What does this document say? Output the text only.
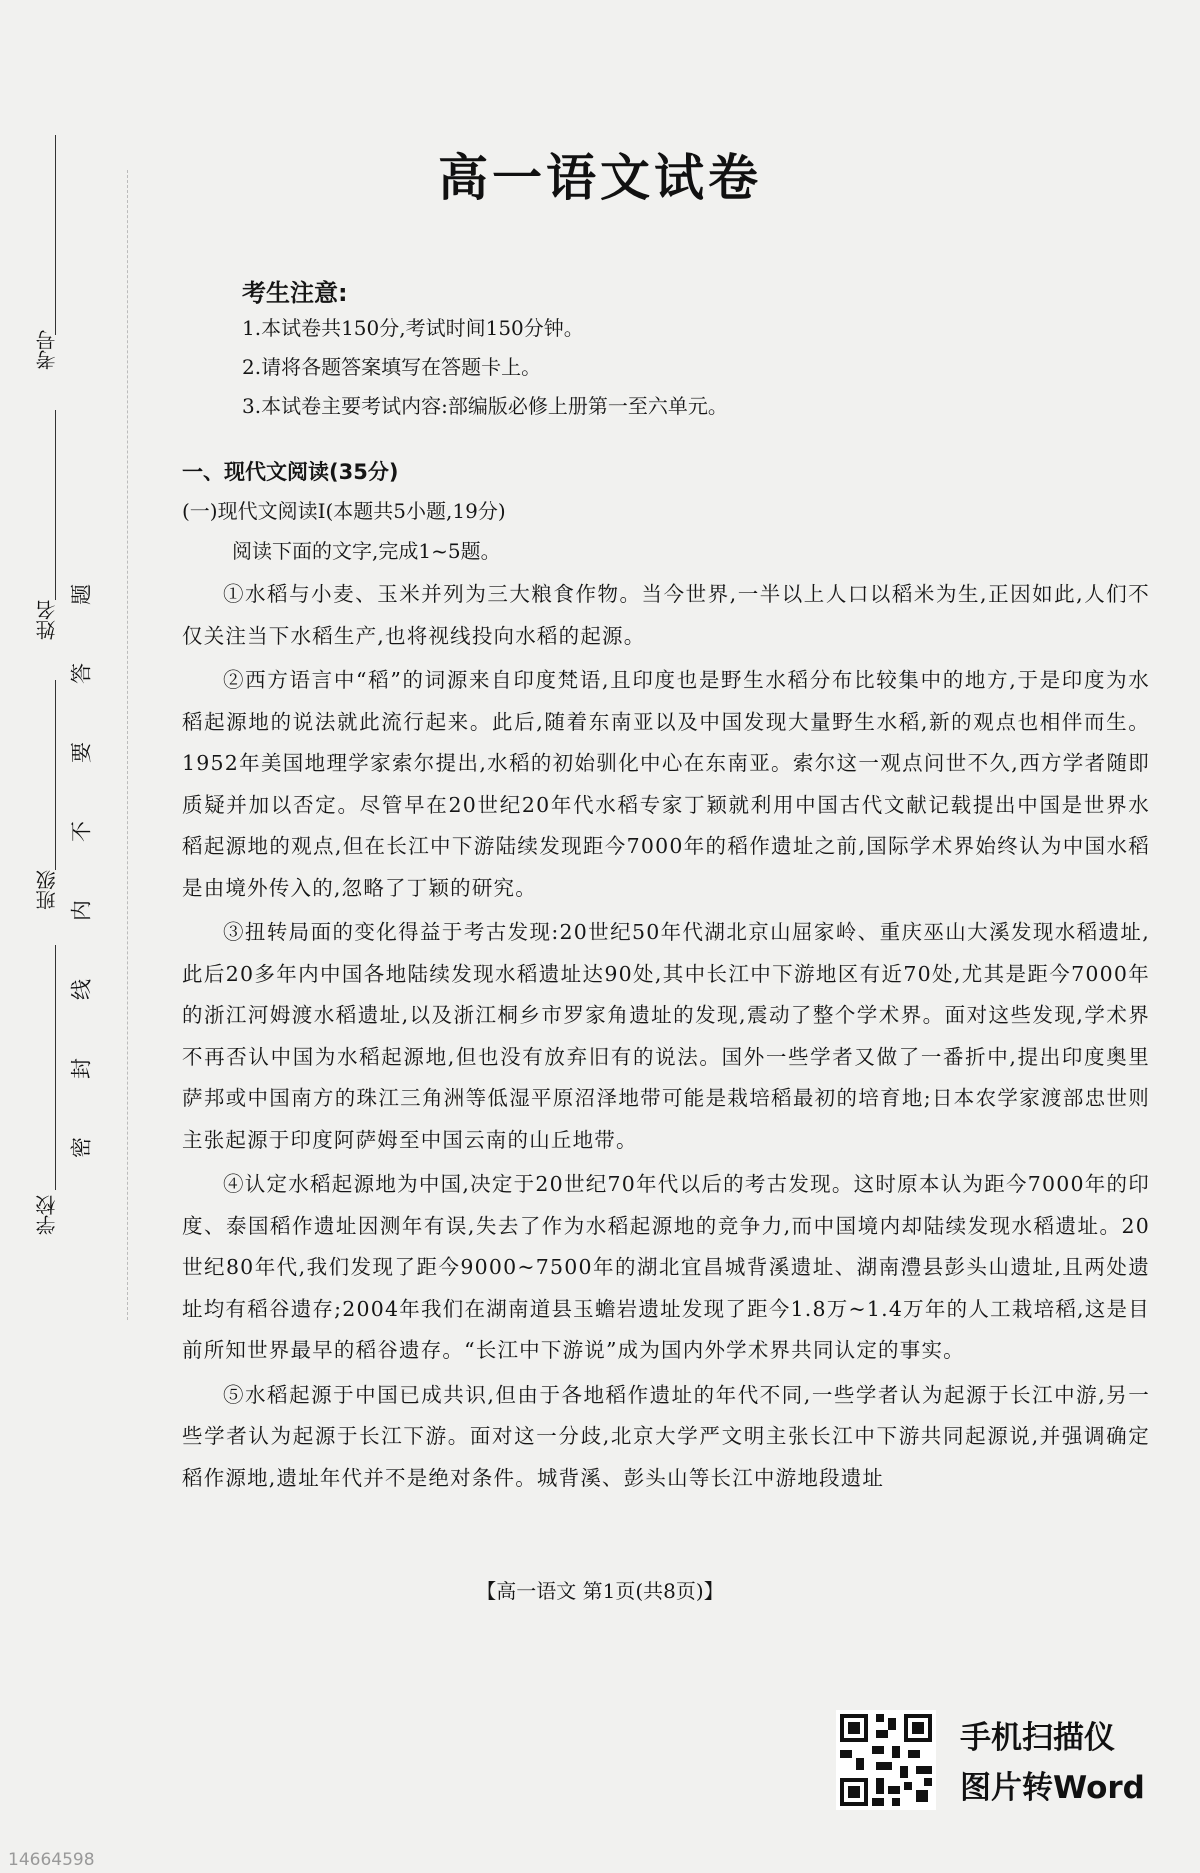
考号
姓名
班级
学校
题
答
要
不
内
线
封
密
高一语文试卷
考生注意:
1.本试卷共150分,考试时间150分钟。
2.请将各题答案填写在答题卡上。
3.本试卷主要考试内容:部编版必修上册第一至六单元。
一、现代文阅读(35分)
(一)现代文阅读Ⅰ(本题共5小题,19分)
阅读下面的文字,完成1~5题。

①水稻与小麦、玉米并列为三大粮食作物。当今世界,一半以上人口以稻米为生,正因如此,人们不仅关注当下水稻生产,也将视线投向水稻的起源。

②西方语言中“稻”的词源来自印度梵语,且印度也是野生水稻分布比较集中的地方,于是印度为水稻起源地的说法就此流行起来。此后,随着东南亚以及中国发现大量野生水稻,新的观点也相伴而生。1952年美国地理学家索尔提出,水稻的初始驯化中心在东南亚。索尔这一观点问世不久,西方学者随即质疑并加以否定。尽管早在20世纪20年代水稻专家丁颖就利用中国古代文献记载提出中国是世界水稻起源地的观点,但在长江中下游陆续发现距今7000年的稻作遗址之前,国际学术界始终认为中国水稻是由境外传入的,忽略了丁颖的研究。

③扭转局面的变化得益于考古发现:20世纪50年代湖北京山屈家岭、重庆巫山大溪发现水稻遗址,此后20多年内中国各地陆续发现水稻遗址达90处,其中长江中下游地区有近70处,尤其是距今7000年的浙江河姆渡水稻遗址,以及浙江桐乡市罗家角遗址的发现,震动了整个学术界。面对这些发现,学术界不再否认中国为水稻起源地,但也没有放弃旧有的说法。国外一些学者又做了一番折中,提出印度奥里萨邦或中国南方的珠江三角洲等低湿平原沼泽地带可能是栽培稻最初的培育地;日本农学家渡部忠世则主张起源于印度阿萨姆至中国云南的山丘地带。

④认定水稻起源地为中国,决定于20世纪70年代以后的考古发现。这时原本认为距今7000年的印度、泰国稻作遗址因测年有误,失去了作为水稻起源地的竞争力,而中国境内却陆续发现水稻遗址。20世纪80年代,我们发现了距今9000~7500年的湖北宜昌城背溪遗址、湖南澧县彭头山遗址,且两处遗址均有稻谷遗存;2004年我们在湖南道县玉蟾岩遗址发现了距今1.8万~1.4万年的人工栽培稻,这是目前所知世界最早的稻谷遗存。“长江中下游说”成为国内外学术界共同认定的事实。

⑤水稻起源于中国已成共识,但由于各地稻作遗址的年代不同,一些学者认为起源于长江中游,另一些学者认为起源于长江下游。面对这一分歧,北京大学严文明主张长江中下游共同起源说,并强调确定稻作源地,遗址年代并不是绝对条件。城背溪、彭头山等长江中游地段遗址

【高一语文 第1页(共8页)】
手机扫描仪
图片转Word
14664598
